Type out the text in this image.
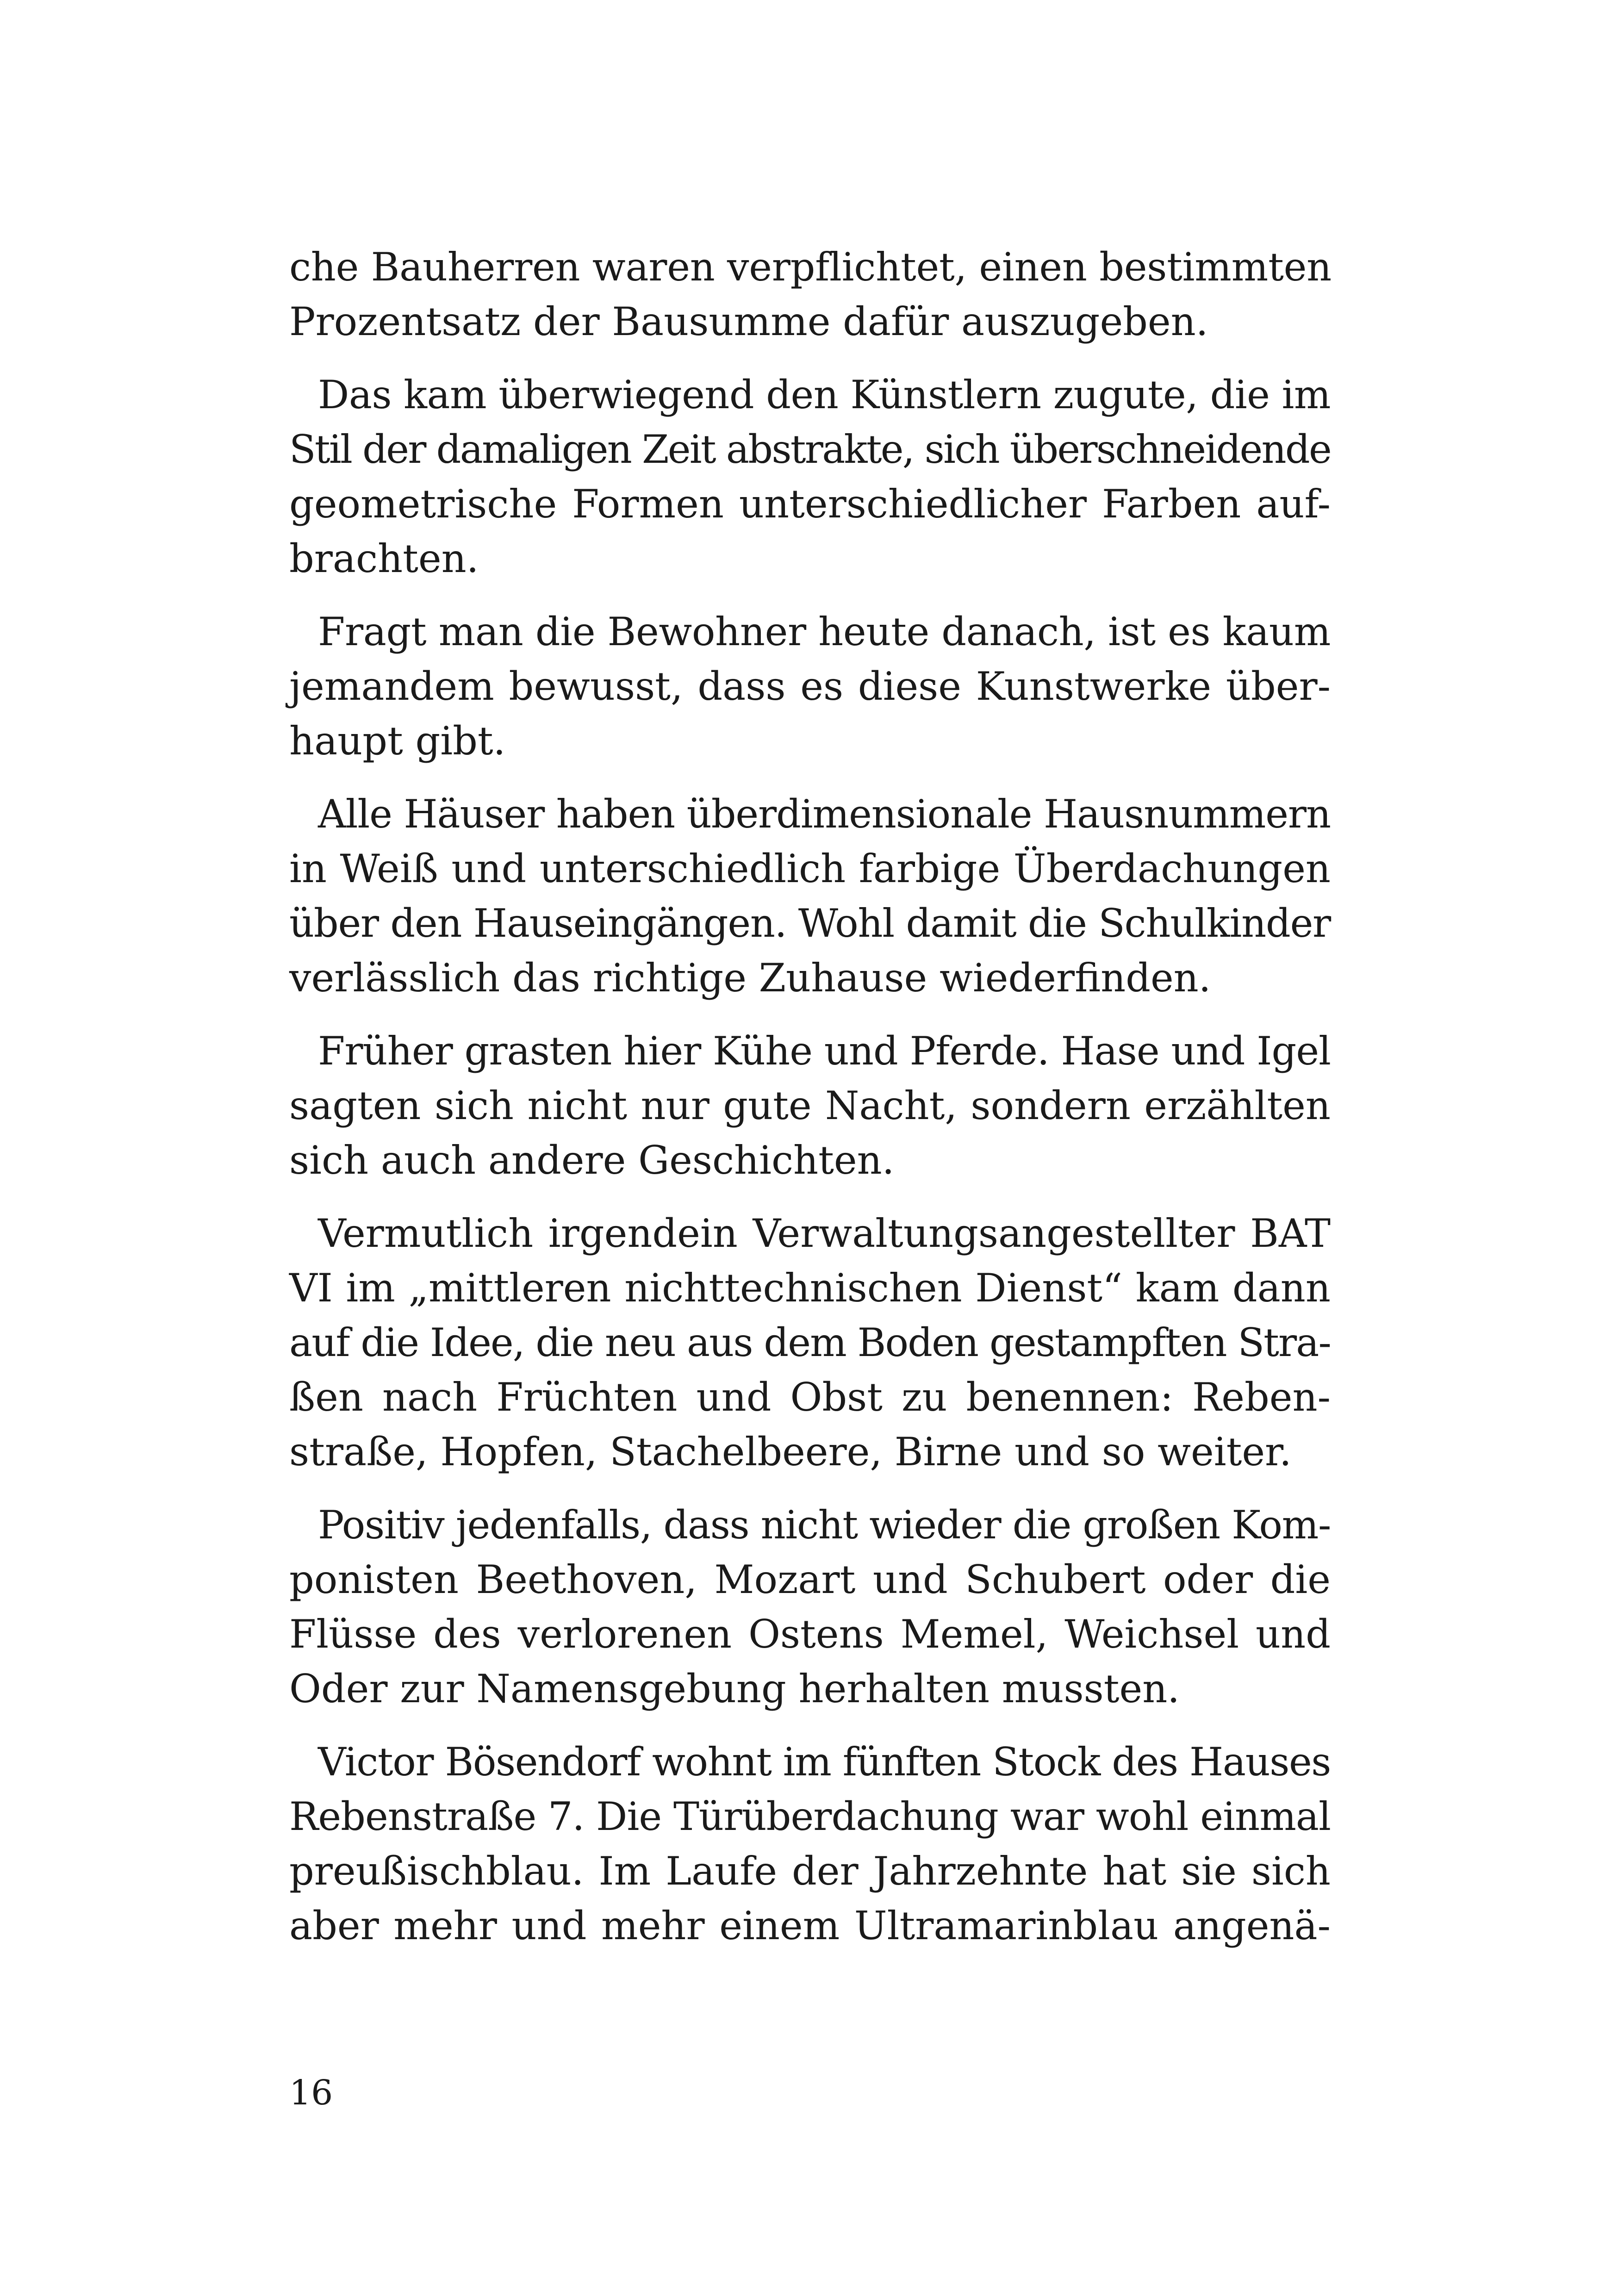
che Bauherren waren verpflichtet, einen bestimmten
Prozentsatz der Bausumme dafür auszugeben.
Das kam überwiegend den Künstlern zugute, die im
Stil der damaligen Zeit abstrakte, sich überschneidende
geometrische Formen unterschiedlicher Farben auf-
brachten.
Fragt man die Bewohner heute danach, ist es kaum
jemandem bewusst, dass es diese Kunstwerke über-
haupt gibt.
Alle Häuser haben überdimensionale Hausnummern
in Weiß und unterschiedlich farbige Überdachungen
über den Hauseingängen. Wohl damit die Schulkinder
verlässlich das richtige Zuhause wiederfinden.
Früher grasten hier Kühe und Pferde. Hase und Igel
sagten sich nicht nur gute Nacht, sondern erzählten
sich auch andere Geschichten.
Vermutlich irgendein Verwaltungsangestellter BAT
VI im „mittleren nichttechnischen Dienst“ kam dann
auf die Idee, die neu aus dem Boden gestampften Stra-
ßen nach Früchten und Obst zu benennen: Reben-
straße, Hopfen, Stachelbeere, Birne und so weiter.
Positiv jedenfalls, dass nicht wieder die großen Kom-
ponisten Beethoven, Mozart und Schubert oder die
Flüsse des verlorenen Ostens Memel, Weichsel und
Oder zur Namensgebung herhalten mussten.
Victor Bösendorf wohnt im fünften Stock des Hauses
Rebenstraße 7. Die Türüberdachung war wohl einmal
preußischblau. Im Laufe der Jahrzehnte hat sie sich
aber mehr und mehr einem Ultramarinblau angenä-
16
